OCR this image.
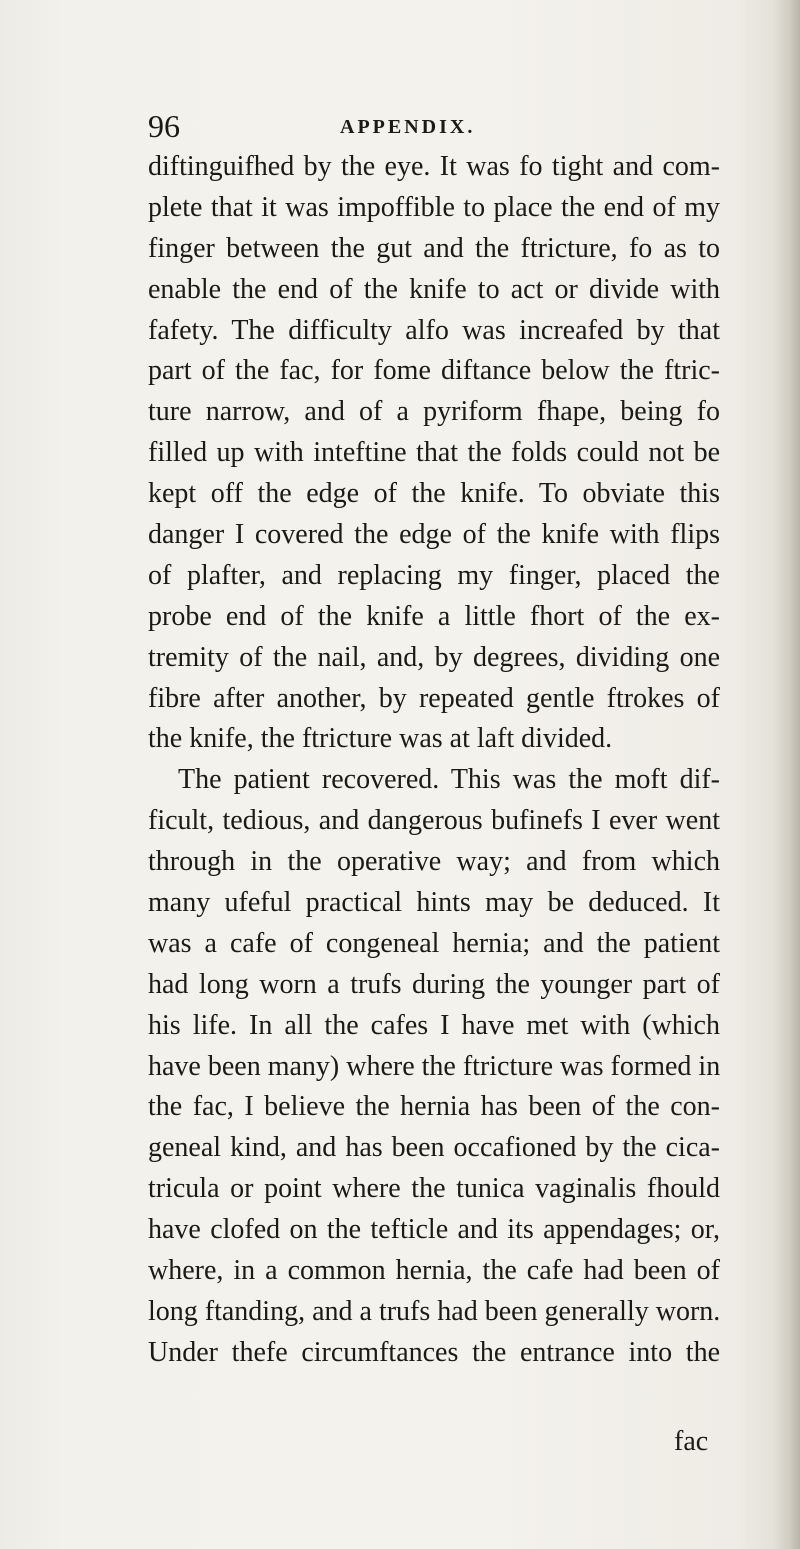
96	APPENDIX.
diftinguifhed by the eye. It was fo tight and com-
plete that it was impoffible to place the end of my
finger between the gut and the ftricture, fo as to
enable the end of the knife to act or divide with
fafety. The difficulty alfo was increafed by that
part of the fac, for fome diftance below the ftric-
ture narrow, and of a pyriform fhape, being fo
filled up with inteftine that the folds could not be
kept off the edge of the knife. To obviate this
danger I covered the edge of the knife with flips
of plafter, and replacing my finger, placed the
probe end of the knife a little fhort of the ex-
tremity of the nail, and, by degrees, dividing one
fibre after another, by repeated gentle ftrokes of
the knife, the ftricture was at laft divided.
The patient recovered. This was the moft dif-
ficult, tedious, and dangerous bufinefs I ever went
through in the operative way; and from which
many ufeful practical hints may be deduced. It
was a cafe of congeneal hernia; and the patient
had long worn a trufs during the younger part of
his life. In all the cafes I have met with (which
have been many) where the ftricture was formed in
the fac, I believe the hernia has been of the con-
geneal kind, and has been occafioned by the cica-
tricula or point where the tunica vaginalis fhould
have clofed on the tefticle and its appendages; or,
where, in a common hernia, the cafe had been of
long ftanding, and a trufs had been generally worn.
Under thefe circumftances the entrance into the
fac
